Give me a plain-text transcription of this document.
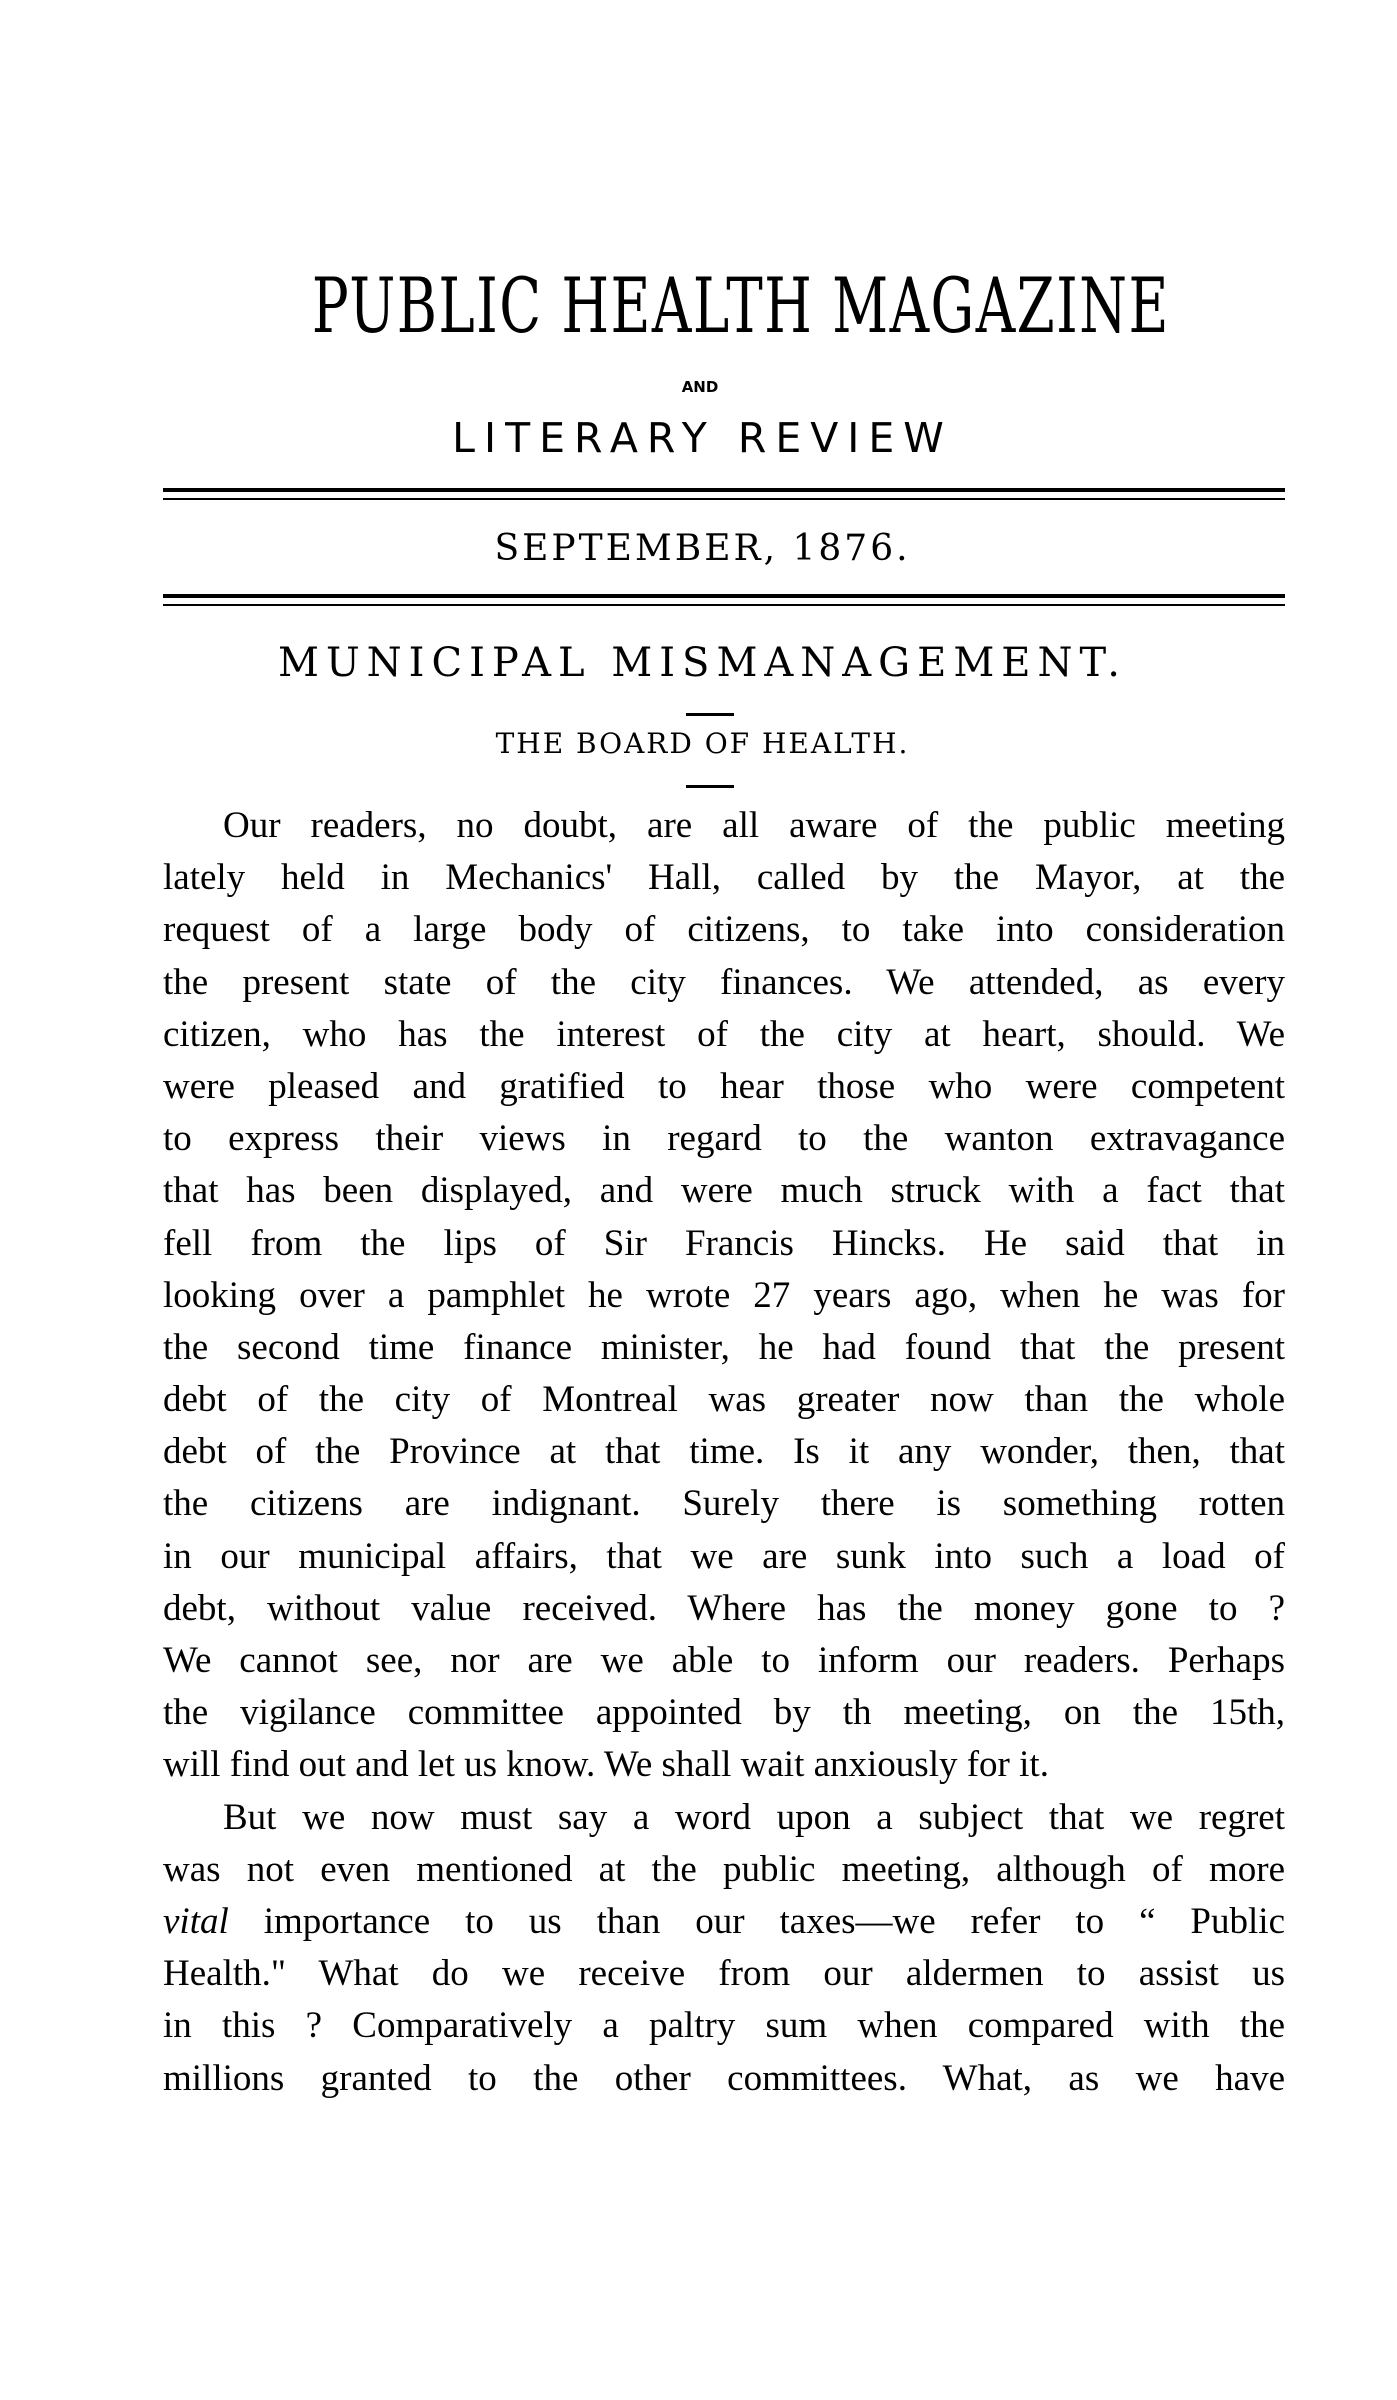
PUBLIC HEALTH MAGAZINE
AND
LITERARY REVIEW
SEPTEMBER, 1876.
MUNICIPAL MISMANAGEMENT.
THE BOARD OF HEALTH.
Our readers, no doubt, are all aware of the public meeting
lately held in Mechanics' Hall, called by the Mayor, at the
request of a large body of citizens, to take into consideration
the present state of the city finances. We attended, as every
citizen, who has the interest of the city at heart, should. We
were pleased and gratified to hear those who were competent
to express their views in regard to the wanton extravagance
that has been displayed, and were much struck with a fact that
fell from the lips of Sir Francis Hincks. He said that in
looking over a pamphlet he wrote 27 years ago, when he was for
the second time finance minister, he had found that the present
debt of the city of Montreal was greater now than the whole
debt of the Province at that time. Is it any wonder, then, that
the citizens are indignant. Surely there is something rotten
in our municipal affairs, that we are sunk into such a load of
debt, without value received. Where has the money gone to ?
We cannot see, nor are we able to inform our readers. Perhaps
the vigilance committee appointed by th meeting, on the 15th,
will find out and let us know. We shall wait anxiously for it.
But we now must say a word upon a subject that we regret
was not even mentioned at the public meeting, although of more
vital importance to us than our taxes—we refer to “ Public
Health." What do we receive from our aldermen to assist us
in this ? Comparatively a paltry sum when compared with the
millions granted to the other committees. What, as we have
